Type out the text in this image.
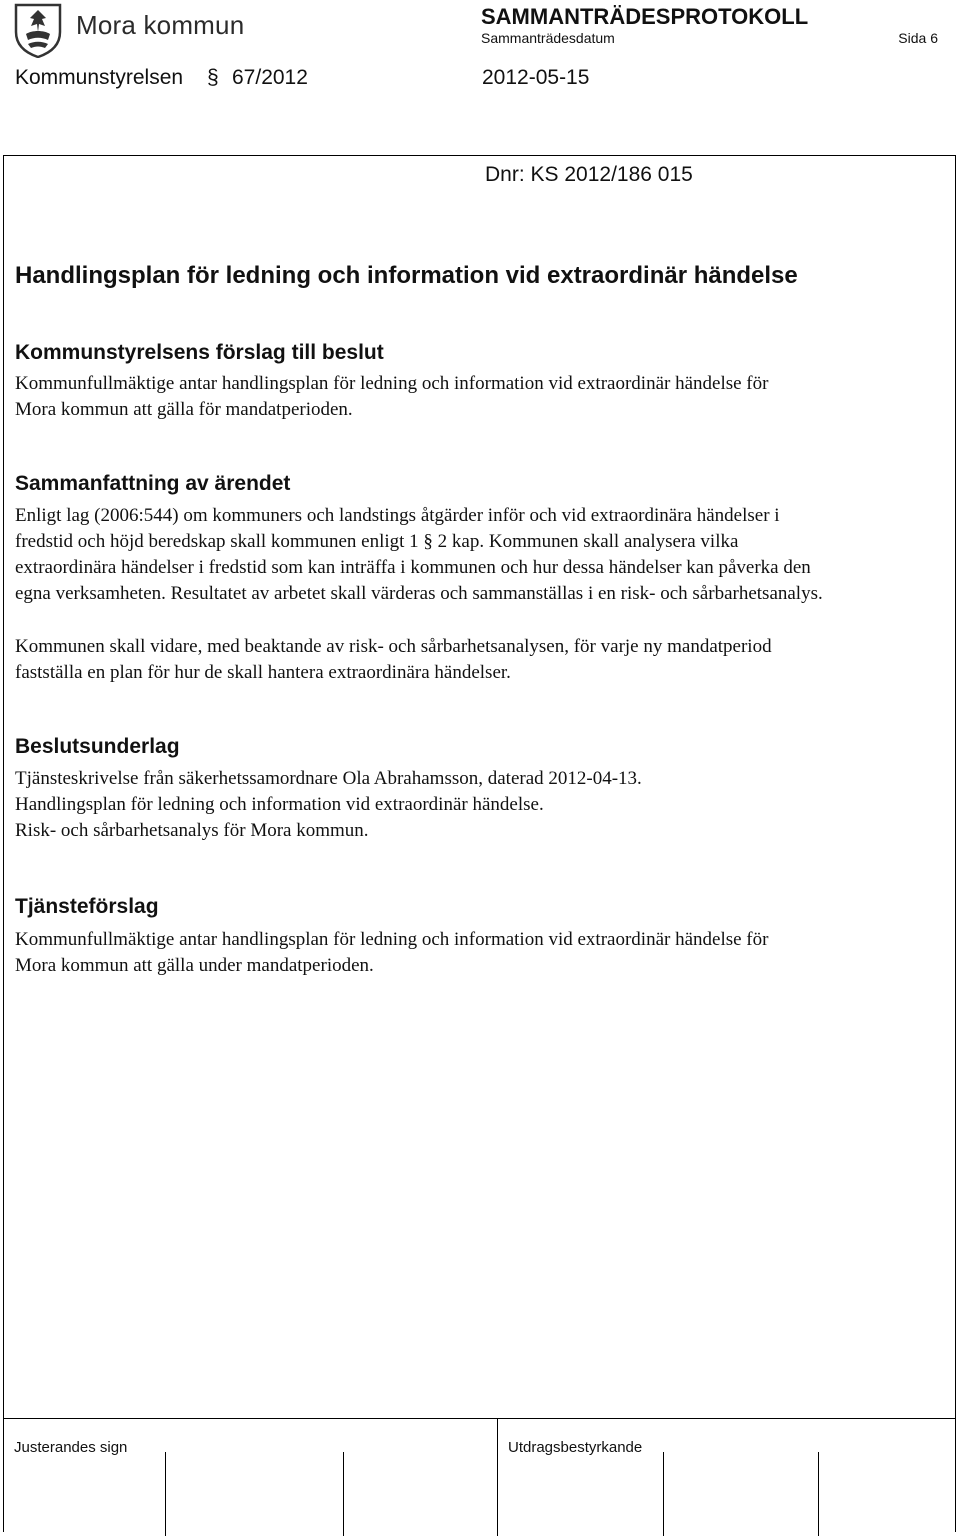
Mora kommun	SAMMANTRÄDESPROTOKOLL
Sammanträdesdatum	Sida 6
Kommunstyrelsen § 67/2012	2012-05-15
Dnr: KS 2012/186 015
Handlingsplan för ledning och information vid extraordinär händelse
Kommunstyrelsens förslag till beslut
Kommunfullmäktige antar handlingsplan för ledning och information vid extraordinär händelse för
Mora kommun att gälla för mandatperioden.
Sammanfattning av ärendet
Enligt lag (2006:544) om kommuners och landstings åtgärder inför och vid extraordinära händelser i
fredstid och höjd beredskap skall kommunen enligt 1 § 2 kap. Kommunen skall analysera vilka
extraordinära händelser i fredstid som kan inträffa i kommunen och hur dessa händelser kan påverka den
egna verksamheten. Resultatet av arbetet skall värderas och sammanställas i en risk- och sårbarhetsanalys.
Kommunen skall vidare, med beaktande av risk- och sårbarhetsanalysen, för varje ny mandatperiod
fastställa en plan för hur de skall hantera extraordinära händelser.
Beslutsunderlag
Tjänsteskrivelse från säkerhetssamordnare Ola Abrahamsson, daterad 2012-04-13.
Handlingsplan för ledning och information vid extraordinär händelse.
Risk- och sårbarhetsanalys för Mora kommun.
Tjänsteförslag
Kommunfullmäktige antar handlingsplan för ledning och information vid extraordinär händelse för
Mora kommun att gälla under mandatperioden.
Justerandes sign	Utdragsbestyrkande
